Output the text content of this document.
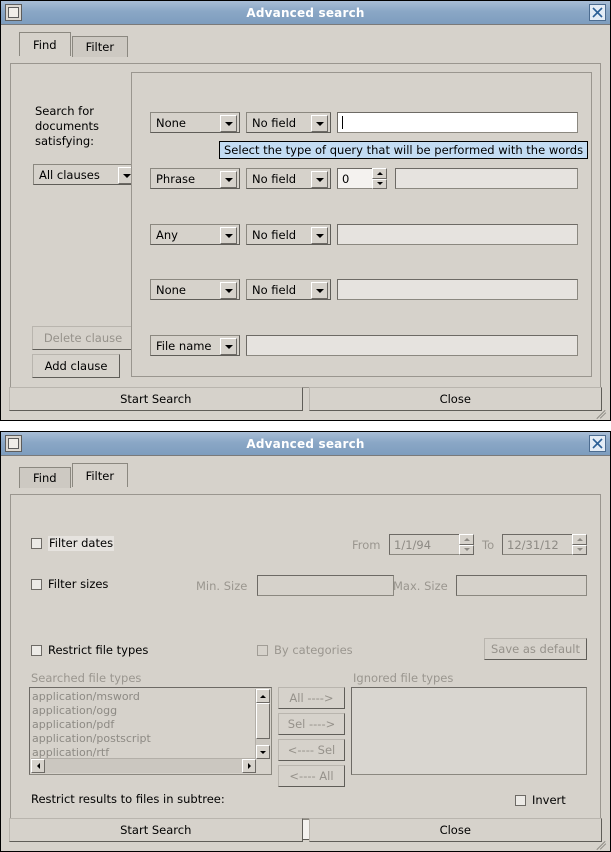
Advanced search
Find	Filter
Search for documents satisfying:
All clauses
Delete clause
Add clause
None	No field
Phrase	No field	0
Any	No field
None	No field
File name
Select the type of query that will be performed with the words
Start Search	Close
Advanced search
Find	Filter
Filter dates	From	1/1/94	To	12/31/12
Filter sizes	Min. Size	Max. Size
Restrict file types	By categories	Save as default
Searched file types	Ignored file types
application/msword
application/ogg
application/pdf
application/postscript
application/rtf
All ---->
Sel ---->
<---- Sel
<---- All
Restrict results to files in subtree:	Invert
Start Search	Close
